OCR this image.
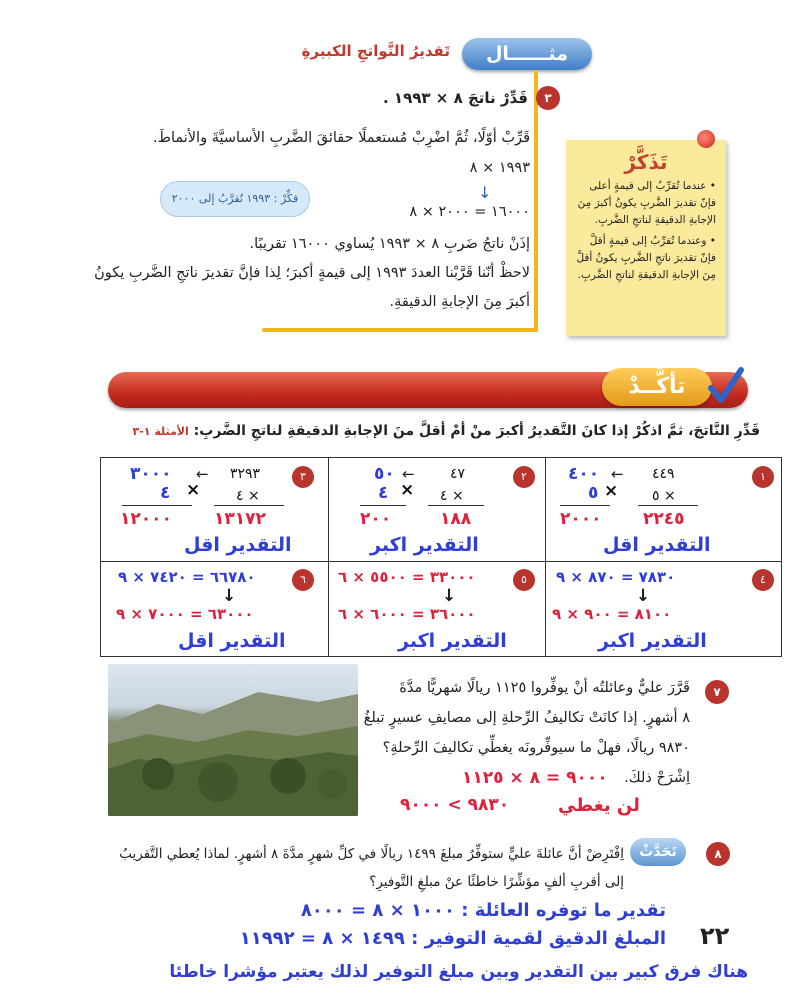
مثــــــال
تَقديرُ النَّواتجِ الكبيرةِ
٣
قَدِّرْ ناتجَ ٨ × ١٩٩٣ .
قَرِّبْ أوّلًا، ثُمَّ اضْرِبْ مُستعملًا حقائقَ الضَّربِ الأساسيَّةَ والأنماطَ.
١٩٩٣ × ٨
↓
فكِّرْ : ١٩٩٣ تُقرَّبُ إلى ٢٠٠٠
١٦٠٠٠ = ٢٠٠٠ × ٨
إذَنْ ناتجُ ضَربِ ٨ × ١٩٩٣ يُساوي ١٦٠٠٠ تقريبًا.
لاحظْ أنّنا قَرَّبْنا العددَ ١٩٩٣ إلى قيمةٍ أكبرَ؛ لِذا فإنَّ تقديرَ ناتجِ الضَّربِ يكونُ
أكبرَ مِنَ الإجابةِ الدقيقةِ.
تَذَكَّرْ
• عندما تُقرِّبُ إلى قيمةٍ أعلى فإنّ تقديرَ الضَّربِ يكونُ أكبرَ مِنَ الإجابةِ الدقيقةِ لناتجِ الضَّربِ.
• وعندما تُقرِّبُ إلى قيمةٍ أقلَّ فإنّ تقديرَ ناتجِ الضَّربِ يكونُ أقلَّ مِنَ الإجابةِ الدقيقةِ لناتجِ الضَّربِ.
تأكَّــدْ
قَدِّرِ النَّاتجَ، ثمَّ اذكُرْ إذا كانَ التَّقديرُ أكبرَ منْ أمْ أقلَّ منَ الإجابةِ الدقيقةِ لناتجِ الضَّربِ: الأمثلة ١-٣
١
٤٤٩
٤٠٠ ←
× ٥
٥ ×
٢٢٤٥
٢٠٠٠
التقدير اقل
٢
٤٧
٥٠ ←
× ٤
٤ ×
١٨٨
٢٠٠
التقدير اكبر
٣
٣٢٩٣
٣٠٠٠ ←
× ٤
٤ ×
١٣١٧٢
١٢٠٠٠
التقدير اقل
٤
٧٨٣٠ = ٨٧٠ × ٩
↓
٨١٠٠ = ٩٠٠ × ٩
التقدير اكبر
٥
٣٣٠٠٠ = ٥٥٠٠ × ٦
↓
٣٦٠٠٠ = ٦٠٠٠ × ٦
التقدير اكبر
٦
٦٦٧٨٠ = ٧٤٢٠ × ٩
↓
٦٣٠٠٠ = ٧٠٠٠ × ٩
التقدير اقل
٧
قَرَّرَ عليٌّ وعائلتُه أنْ يوفِّروا ١١٢٥ ريالًا شهريًّا مدَّةَ
٨ أشهرٍ. إذا كانَتْ تكاليفُ الرِّحلةِ إلى مصايفِ عسيرٍ تبلغُ
٩٨٣٠ ريالًا، فهلْ ما سيوفِّرونَه يغطِّي تكاليفَ الرِّحلةِ؟
اِشْرَحْ ذلكَ.
٩٠٠٠ = ٨ × ١١٢٥
لن يغطي
٩٨٣٠ > ٩٠٠٠
٨
تَحَدَّثْ
اِفْتَرِضْ أنَّ عائلةَ عليٍّ ستوفِّرُ مبلغَ ١٤٩٩ ريالًا في كلِّ شهرٍ مدَّةَ ٨ أشهرٍ. لماذا يُعطي التَّقريبُ
إلى أقربِ ألفٍ مؤشِّرًا خاطئًا عنْ مبلغِ التَّوفيرِ؟
تقدير ما توفره العائلة : ١٠٠٠ × ٨ = ٨٠٠٠
المبلغ الدقيق لقمية التوفير : ١٤٩٩ × ٨ = ١١٩٩٢
هناك فرق كبير بين التقدير وبين مبلغ التوفير لذلك يعتبر مؤشرا خاطئا
٢٢
